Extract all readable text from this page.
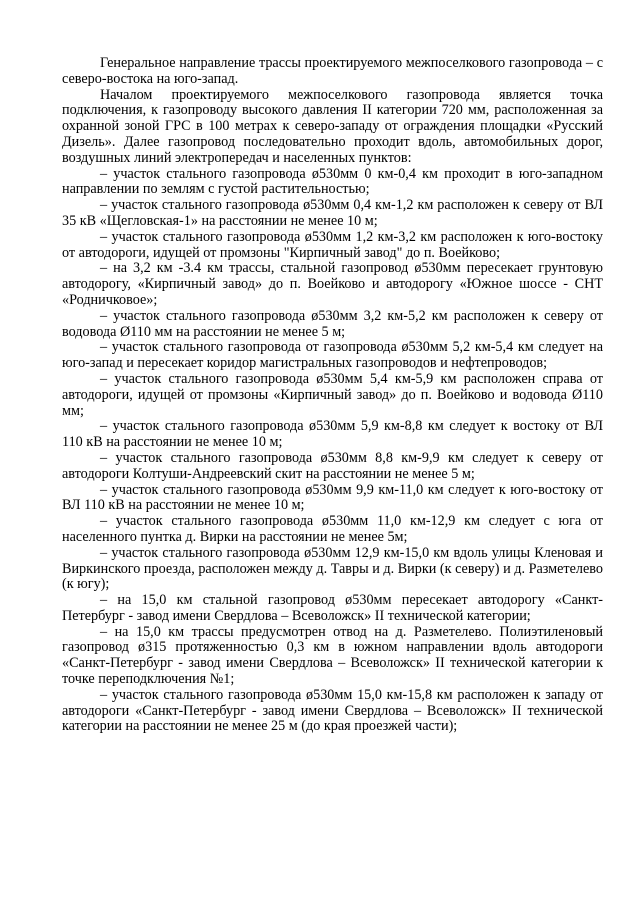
Генеральное направление трассы проектируемого межпоселкового газопровода – с северо-востока на юго-запад.

Началом проектируемого межпоселкового газопровода является точка подключения, к газопроводу высокого давления II категории 720 мм, расположенная за охранной зоной ГРС в 100 метрах к северо-западу от ограждения площадки «Русский Дизель». Далее газопровод последовательно проходит вдоль, автомобильных дорог, воздушных линий электропередач и населенных пунктов:

– участок стального газопровода ø530мм 0 км-0,4 км проходит в юго-западном направлении по землям с густой растительностью;

– участок стального газопровода ø530мм 0,4 км-1,2 км расположен к северу от ВЛ 35 кВ «Щегловская-1» на расстоянии не менее 10 м;

– участок стального газопровода ø530мм 1,2 км-3,2 км расположен к юго-востоку от автодороги, идущей от промзоны "Кирпичный завод" до п. Воейково;

– на 3,2 км -3.4 км трассы, стальной газопровод ø530мм пересекает грунтовую автодорогу, «Кирпичный завод» до п. Воейково и автодорогу «Южное шоссе - СНТ «Родничковое»;

– участок стального газопровода ø530мм 3,2 км-5,2 км расположен к северу от водовода Ø110 мм на расстоянии не менее 5 м;

– участок стального газопровода от газопровода ø530мм 5,2 км-5,4 км следует на юго-запад и пересекает коридор магистральных газопроводов и нефтепроводов;

– участок стального газопровода ø530мм 5,4 км-5,9 км расположен справа от автодороги, идущей от промзоны «Кирпичный завод» до п. Воейково и водовода Ø110 мм;

– участок стального газопровода ø530мм 5,9 км-8,8 км следует к востоку от ВЛ 110 кВ на расстоянии не менее 10 м;

– участок стального газопровода ø530мм 8,8 км-9,9 км следует к северу от автодороги Колтуши-Андреевский скит на расстоянии не менее 5 м;

– участок стального газопровода ø530мм 9,9 км-11,0 км следует к юго-востоку от ВЛ 110 кВ на расстоянии не менее 10 м;

– участок стального газопровода ø530мм 11,0 км-12,9 км следует с юга от населенного пунтка д. Вирки на расстоянии не менее 5м;

– участок стального газопровода ø530мм 12,9 км-15,0 км вдоль улицы Кленовая и Виркинского проезда, расположен между д. Тавры и д. Вирки (к северу) и д. Разметелево (к югу);

– на 15,0 км стальной газопровод ø530мм пересекает автодорогу «Санкт-Петербург - завод имени Свердлова – Всеволожск» II технической категории;

– на 15,0 км трассы предусмотрен отвод на д. Разметелево. Полиэтиленовый газопровод ø315 протяженностью 0,3 км в южном направлении вдоль автодороги «Санкт-Петербург - завод имени Свердлова – Всеволожск» II технической категории к точке переподключения №1;

– участок стального газопровода ø530мм 15,0 км-15,8 км расположен к западу от автодороги «Санкт-Петербург - завод имени Свердлова – Всеволожск» II технической категории на расстоянии не менее 25 м (до края проезжей части);
